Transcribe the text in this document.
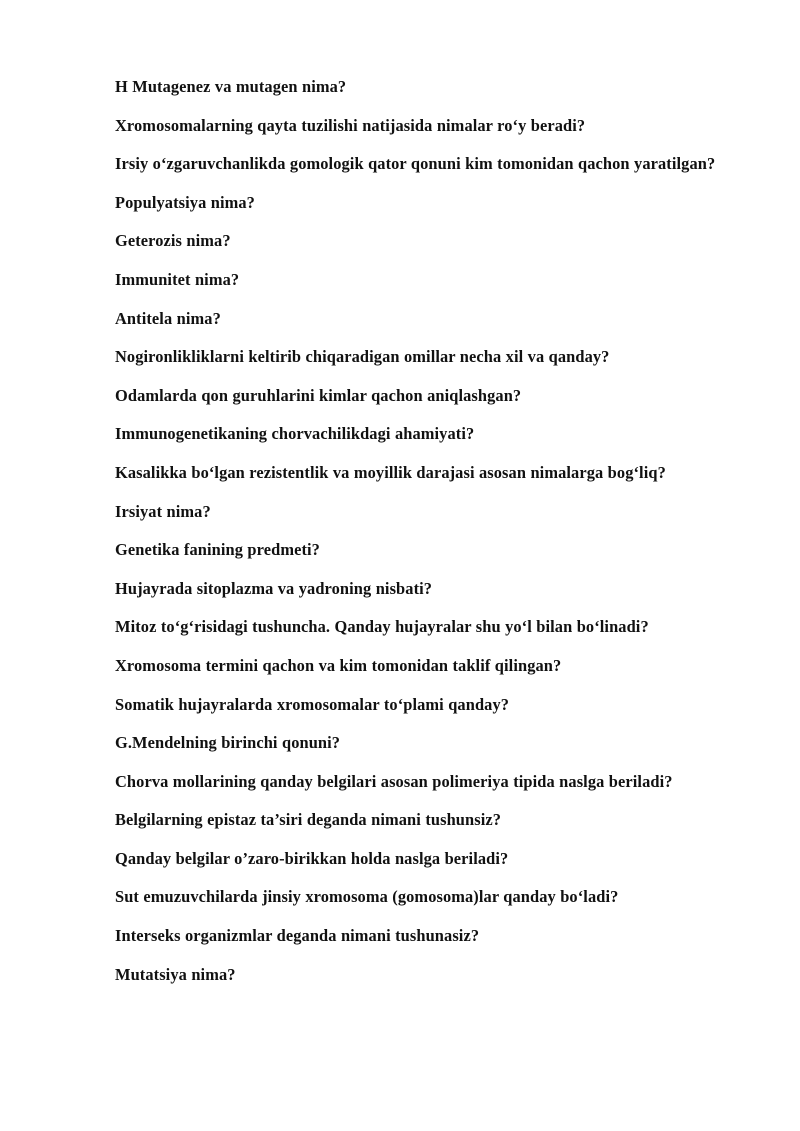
H Mutagenez va mutagen nima?

Xromosomalarning qayta tuzilishi natijasida nimalar ro‘y beradi?

Irsiy o‘zgaruvchanlikda gomologik qator qonuni kim tomonidan qachon yaratilgan?

Populyatsiya nima?

Geterozis nima?

Immunitet nima?

Antitela nima?

Nogironlikliklarni keltirib chiqaradigan omillar necha xil va qanday?

Odamlarda qon guruhlarini kimlar qachon aniqlashgan?

Immunogenetikaning chorvachilikdagi ahamiyati?

Kasalikka bo‘lgan rezistentlik va moyillik darajasi asosan nimalarga bog‘liq?

Irsiyat nima?

Genetika fanining predmeti?

Hujayrada sitoplazma va yadroning nisbati?

Mitoz to‘g‘risidagi tushuncha. Qanday hujayralar shu yo‘l bilan bo‘linadi?

Xromosoma termini qachon va kim tomonidan taklif qilingan?

Somatik hujayralarda xromosomalar to‘plami qanday?

G.Mendelning birinchi qonuni?

Chorva mollarining qanday belgilari asosan polimeriya tipida naslga beriladi?

Belgilarning epistaz ta’siri deganda nimani tushunsiz?

Qanday belgilar o’zaro-birikkan holda naslga beriladi?

Sut emuzuvchilarda jinsiy xromosoma (gomosoma)lar qanday bo‘ladi?

Interseks organizmlar deganda nimani tushunasiz?

Mutatsiya nima?
